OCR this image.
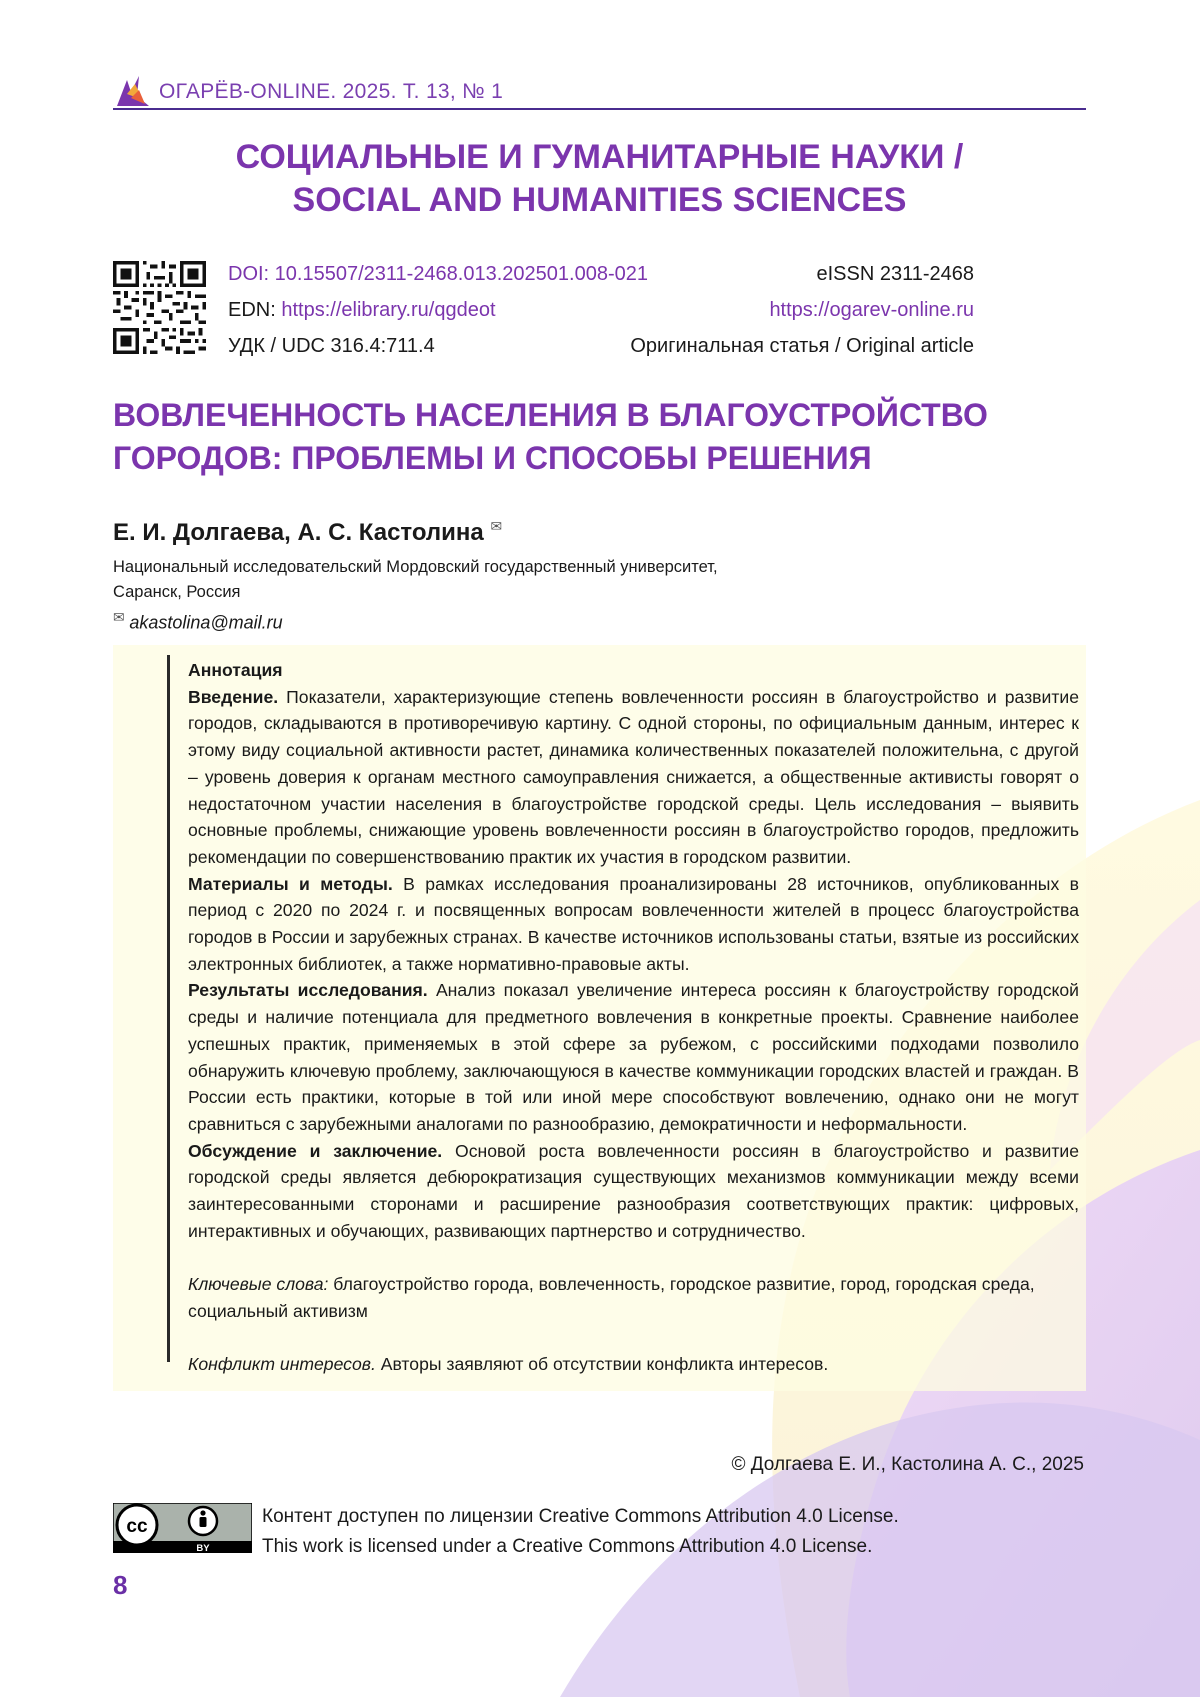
ОГАРЁВ-ONLINE. 2025. Т. 13, № 1
СОЦИАЛЬНЫЕ И ГУМАНИТАРНЫЕ НАУКИ /
SOCIAL AND HUMANITIES SCIENCES
DOI: 10.15507/2311-2468.013.202501.008-021	eISSN 2311-2468
EDN: https://elibrary.ru/qgdeot	https://ogarev-online.ru
УДК / UDC 316.4:711.4	Оригинальная статья / Original article
ВОВЛЕЧЕННОСТЬ НАСЕЛЕНИЯ В БЛАГОУСТРОЙСТВО
ГОРОДОВ: ПРОБЛЕМЫ И СПОСОБЫ РЕШЕНИЯ
Е. И. Долгаева, А. С. Кастолина ✉
Национальный исследовательский Мордовский государственный университет,
Саранск, Россия
✉ akastolina@mail.ru

Аннотация

Введение. Показатели, характеризующие степень вовлеченности россиян в благоустройство и развитие городов, складываются в противоречивую картину. С одной стороны, по официальным данным, интерес к этому виду социальной активности растет, динамика количественных показателей положительна, с другой – уровень доверия к органам местного самоуправления снижается, а общественные активисты говорят о недостаточном участии населения в благоустройстве городской среды. Цель исследования – выявить основные проблемы, снижающие уровень вовлеченности россиян в благоустройство городов, предложить рекомендации по совершенствованию практик их участия в городском развитии.

Материалы и методы. В рамках исследования проанализированы 28 источников, опубликованных в период с 2020 по 2024 г. и посвященных вопросам вовлеченности жителей в процесс благоустройства городов в России и зарубежных странах. В качестве источников использованы статьи, взятые из российских электронных библиотек, а также нормативно-правовые акты.

Результаты исследования. Анализ показал увеличение интереса россиян к благоустройству городской среды и наличие потенциала для предметного вовлечения в конкретные проекты. Сравнение наиболее успешных практик, применяемых в этой сфере за рубежом, с российскими подходами позволило обнаружить ключевую проблему, заключающуюся в качестве коммуникации городских властей и граждан. В России есть практики, которые в той или иной мере способствуют вовлечению, однако они не могут сравниться с зарубежными аналогами по разнообразию, демократичности и неформальности.

Обсуждение и заключение. Основой роста вовлеченности россиян в благоустройство и развитие городской среды является дебюрократизация существующих механизмов коммуникации между всеми заинтересованными сторонами и расширение разнообразия соответствующих практик: цифровых, интерактивных и обучающих, развивающих партнерство и сотрудничество.

Ключевые слова: благоустройство города, вовлеченность, городское развитие, город, городская среда, социальный активизм

Конфликт интересов. Авторы заявляют об отсутствии конфликта интересов.

© Долгаева Е. И., Кастолина А. С., 2025
cc
BY
Контент доступен по лицензии Creative Commons Attribution 4.0 License.
This work is licensed under a Creative Commons Attribution 4.0 License.
8
